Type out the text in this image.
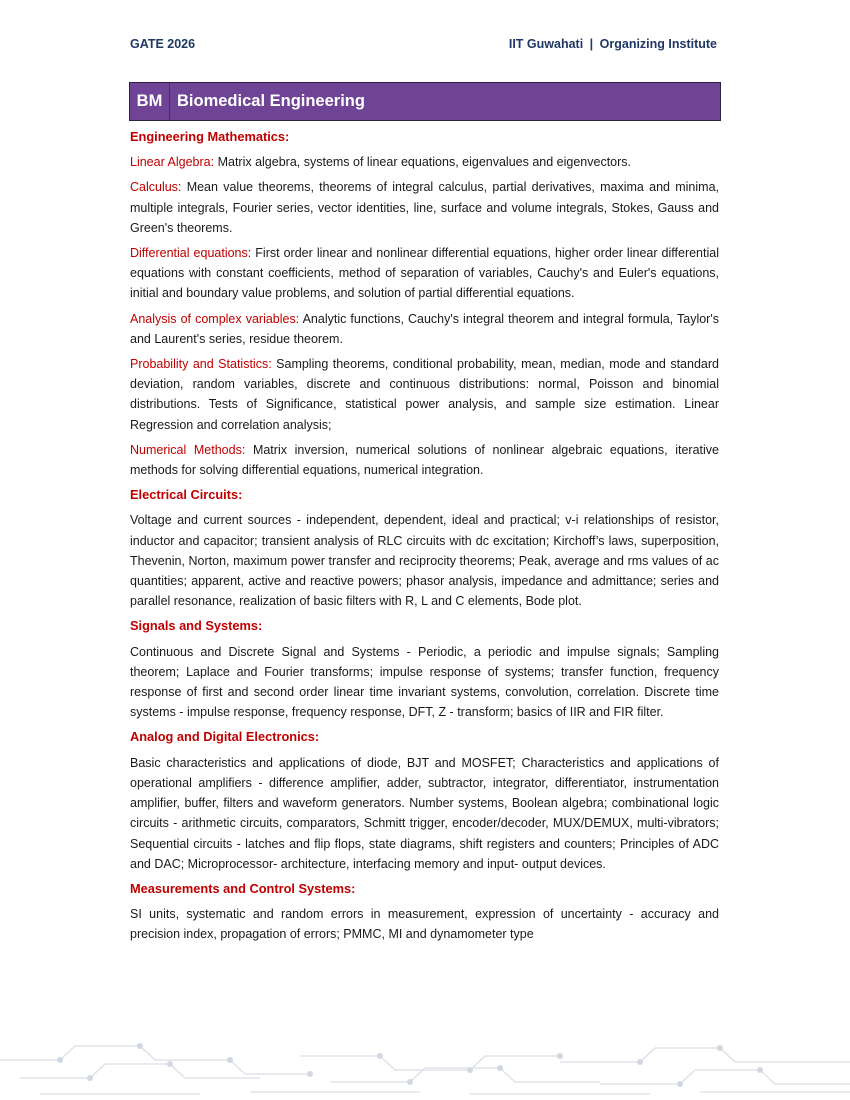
GATE 2026	IIT Guwahati | Organizing Institute
BM Biomedical Engineering
Engineering Mathematics:

Linear Algebra: Matrix algebra, systems of linear equations, eigenvalues and eigenvectors.

Calculus: Mean value theorems, theorems of integral calculus, partial derivatives, maxima and minima, multiple integrals, Fourier series, vector identities, line, surface and volume integrals, Stokes, Gauss and Green's theorems.

Differential equations: First order linear and nonlinear differential equations, higher order linear differential equations with constant coefficients, method of separation of variables, Cauchy's and Euler's equations, initial and boundary value problems, and solution of partial differential equations.

Analysis of complex variables: Analytic functions, Cauchy's integral theorem and integral formula, Taylor's and Laurent's series, residue theorem.

Probability and Statistics: Sampling theorems, conditional probability, mean, median, mode and standard deviation, random variables, discrete and continuous distributions: normal, Poisson and binomial distributions. Tests of Significance, statistical power analysis, and sample size estimation. Linear Regression and correlation analysis;

Numerical Methods: Matrix inversion, numerical solutions of nonlinear algebraic equations, iterative methods for solving differential equations, numerical integration.

Electrical Circuits:

Voltage and current sources - independent, dependent, ideal and practical; v-i relationships of resistor, inductor and capacitor; transient analysis of RLC circuits with dc excitation; Kirchoff’s laws, superposition, Thevenin, Norton, maximum power transfer and reciprocity theorems; Peak, average and rms values of ac quantities; apparent, active and reactive powers; phasor analysis, impedance and admittance; series and parallel resonance, realization of basic filters with R, L and C elements, Bode plot.

Signals and Systems:

Continuous and Discrete Signal and Systems - Periodic, a periodic and impulse signals; Sampling theorem; Laplace and Fourier transforms; impulse response of systems; transfer function, frequency response of first and second order linear time invariant systems, convolution, correlation. Discrete time systems - impulse response, frequency response, DFT, Z - transform; basics of IIR and FIR filter.

Analog and Digital Electronics:

Basic characteristics and applications of diode, BJT and MOSFET; Characteristics and applications of operational amplifiers - difference amplifier, adder, subtractor, integrator, differentiator, instrumentation amplifier, buffer, filters and waveform generators. Number systems, Boolean algebra; combinational logic circuits - arithmetic circuits, comparators, Schmitt trigger, encoder/decoder, MUX/DEMUX, multi-vibrators; Sequential circuits - latches and flip flops, state diagrams, shift registers and counters; Principles of ADC and DAC; Microprocessor- architecture, interfacing memory and input- output devices.

Measurements and Control Systems:

SI units, systematic and random errors in measurement, expression of uncertainty - accuracy and precision index, propagation of errors; PMMC, MI and dynamometer type
